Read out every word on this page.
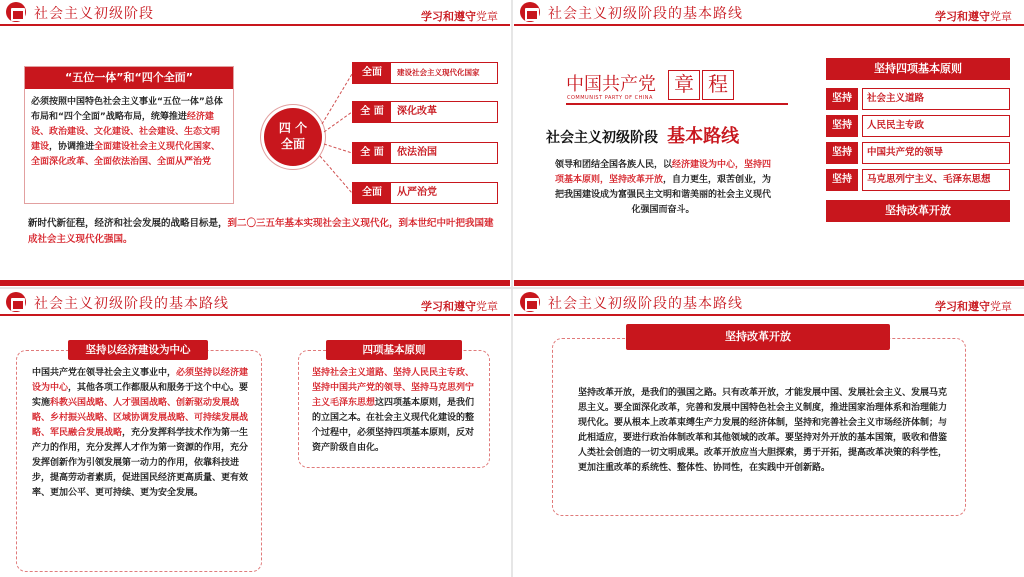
社会主义初级阶段	学习和遵守党章
“五位一体”和“四个全面”
必须按照中国特色社会主义事业“五位一体”总体布局和“四个全面”战略布局，统筹推进经济建设、政治建设、文化建设、社会建设、生态文明建设，协调推进全面建设社会主义现代化国家、全面深化改革、全面依法治国、全面从严治党
四 个
全面
全面	建设社会主义现代化国家
全 面	深化改革
全 面	依法治国
全面	从严治党
新时代新征程，经济和社会发展的战略目标是，到二〇三五年基本实现社会主义现代化，到本世纪中叶把我国建成社会主义现代化强国。
社会主义初级阶段的基本路线	学习和遵守党章
中国共产党
COMMUNIST PARTY OF CHINA
章 程
社会主义初级阶段 基本路线
领导和团结全国各族人民，以经济建设为中心，坚持四项基本原则，坚持改革开放，自力更生，艰苦创业，为把我国建设成为富强民主文明和谐美丽的社会主义现代化强国而奋斗。
坚持四项基本原则
坚持	社会主义道路
坚持	人民民主专政
坚持	中国共产党的领导
坚持	马克思列宁主义、毛泽东思想
坚持改革开放
社会主义初级阶段的基本路线	学习和遵守党章
坚持以经济建设为中心
中国共产党在领导社会主义事业中，必须坚持以经济建设为中心，其他各项工作都服从和服务于这个中心。要实施科教兴国战略、人才强国战略、创新驱动发展战略、乡村振兴战略、区域协调发展战略、可持续发展战略、军民融合发展战略，充分发挥科学技术作为第一生产力的作用，充分发挥人才作为第一资源的作用，充分发挥创新作为引领发展第一动力的作用，依靠科技进步，提高劳动者素质，促进国民经济更高质量、更有效率、更加公平、更可持续、更为安全发展。
四项基本原则
坚持社会主义道路、坚持人民民主专政、坚持中国共产党的领导、坚持马克思列宁主义毛泽东思想这四项基本原则，是我们的立国之本。在社会主义现代化建设的整个过程中，必须坚持四项基本原则，反对资产阶级自由化。
社会主义初级阶段的基本路线	学习和遵守党章
坚持改革开放
坚持改革开放，是我们的强国之路。只有改革开放，才能发展中国、发展社会主义、发展马克思主义。要全面深化改革，完善和发展中国特色社会主义制度，推进国家治理体系和治理能力现代化。要从根本上改革束缚生产力发展的经济体制，坚持和完善社会主义市场经济体制；与此相适应，要进行政治体制改革和其他领域的改革。要坚持对外开放的基本国策，吸收和借鉴人类社会创造的一切文明成果。改革开放应当大胆探索，勇于开拓，提高改革决策的科学性，更加注重改革的系统性、整体性、协同性，在实践中开创新路。
